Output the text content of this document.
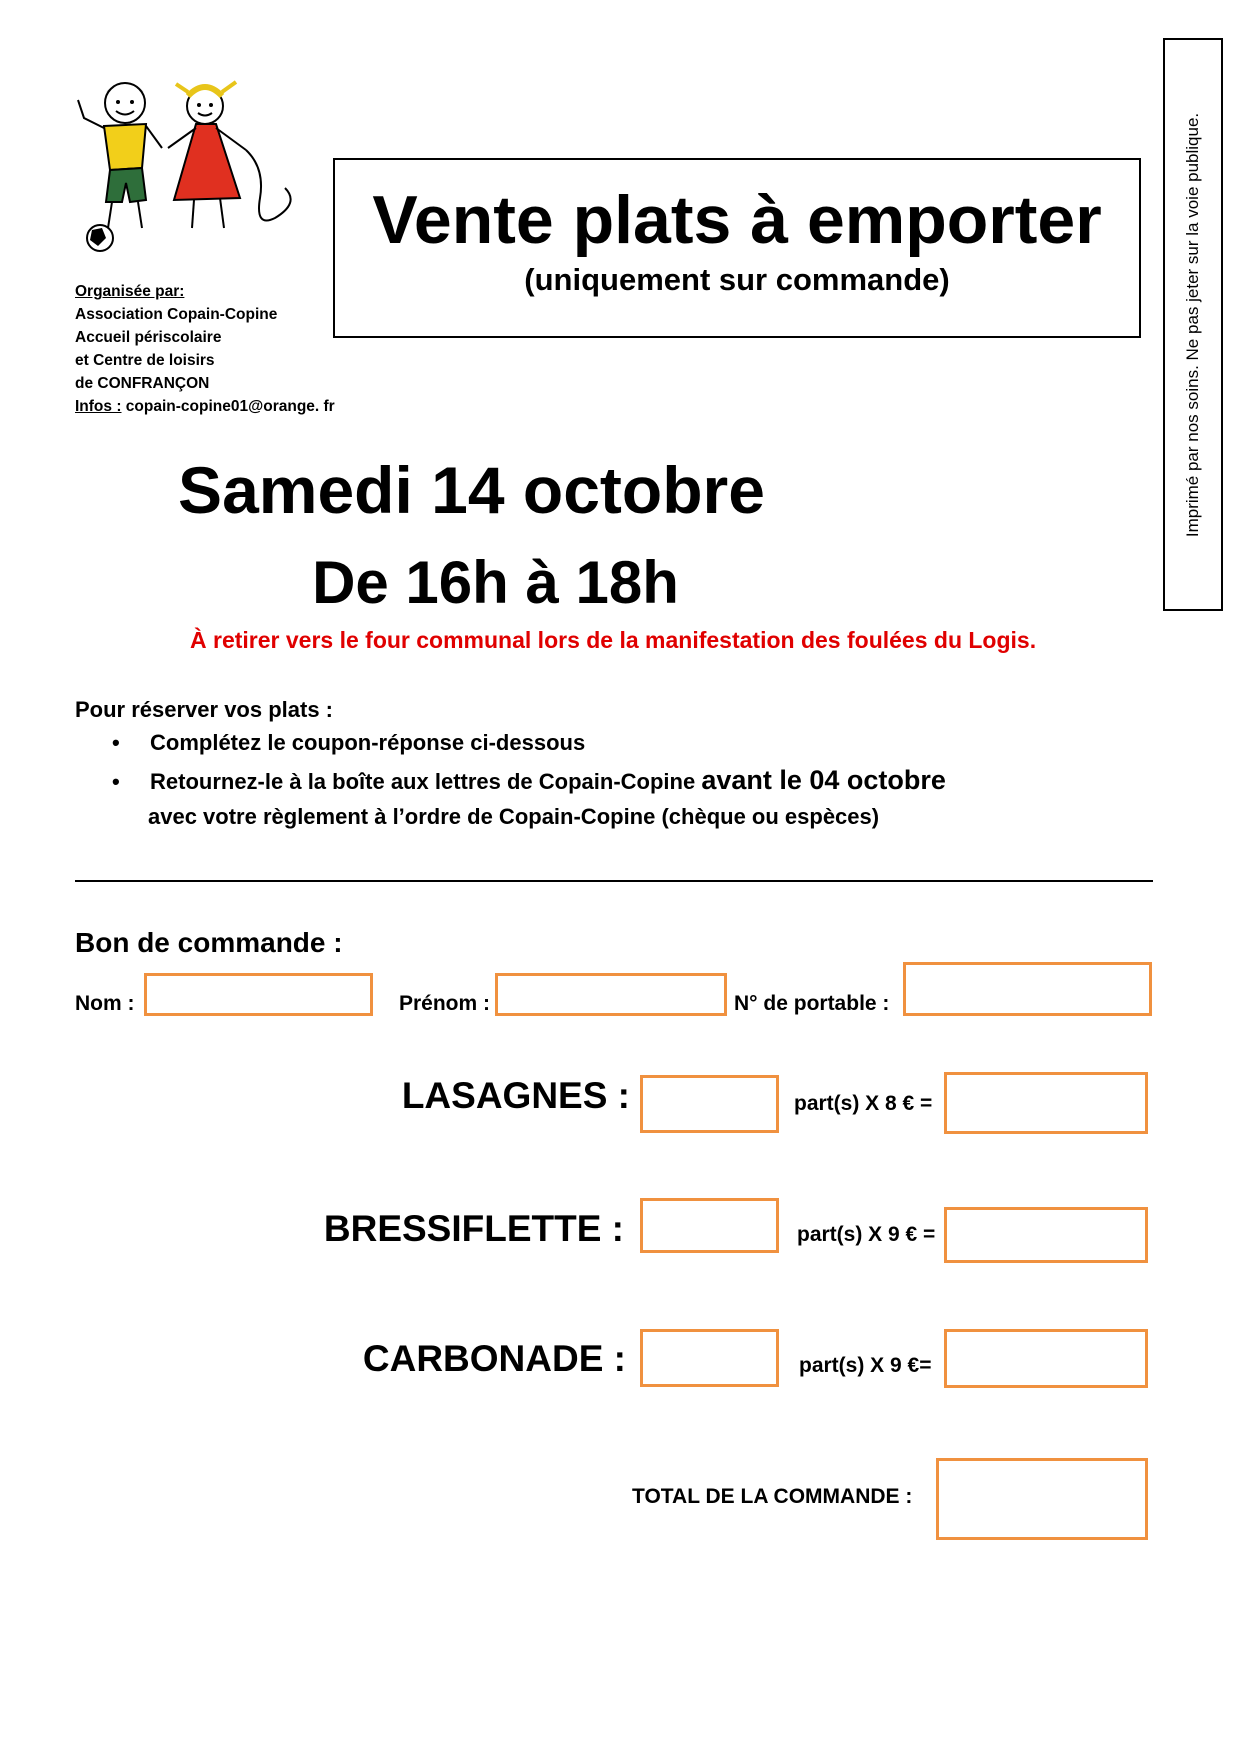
Organisée par:
Association Copain-Copine
Accueil périscolaire
et Centre de loisirs
de CONFRANÇON
Infos : copain-copine01@orange. fr
Vente plats à emporter
(uniquement sur commande)	Imprimé par nos soins. Ne pas jeter sur la voie publique.
Samedi 14 octobre
De 16h à 18h
À retirer vers le four communal lors de la manifestation des foulées du Logis.
Pour réserver vos plats :
• Complétez le coupon-réponse ci-dessous
• Retournez-le à la boîte aux lettres de Copain-Copine avant le 04 octobre
avec votre règlement à l’ordre de Copain-Copine (chèque ou espèces)
Bon de commande :
Nom :	Prénom :	N° de portable :
LASAGNES :	part(s) X 8 € =
BRESSIFLETTE :	part(s) X 9 € =
CARBONADE :	part(s) X 9 €=
TOTAL DE LA COMMANDE :
